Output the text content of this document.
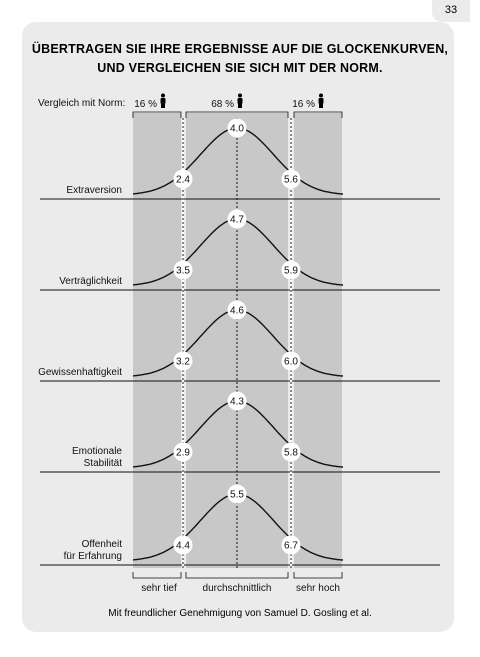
33
ÜBERTRAGEN SIE IHRE ERGEBNISSE AUF DIE GLOCKENKURVEN,
UND VERGLEICHEN SIE SICH MIT DER NORM.
Vergleich mit Norm: 16 %	68 %	16 %
Extraversion
Verträglichkeit
Gewissenhaftigkeit
Emotionale
Stabilität
Offenheit
für Erfahrung
sehr tief	durchschnittlich sehr hoch
2.4
4.0
5.6
3.5
4.7
5.9
3.2
4.6
6.0
2.9
4.3
5.8
4.4
5.5
6.7
Mit freundlicher Genehmigung von Samuel D. Gosling et al.
